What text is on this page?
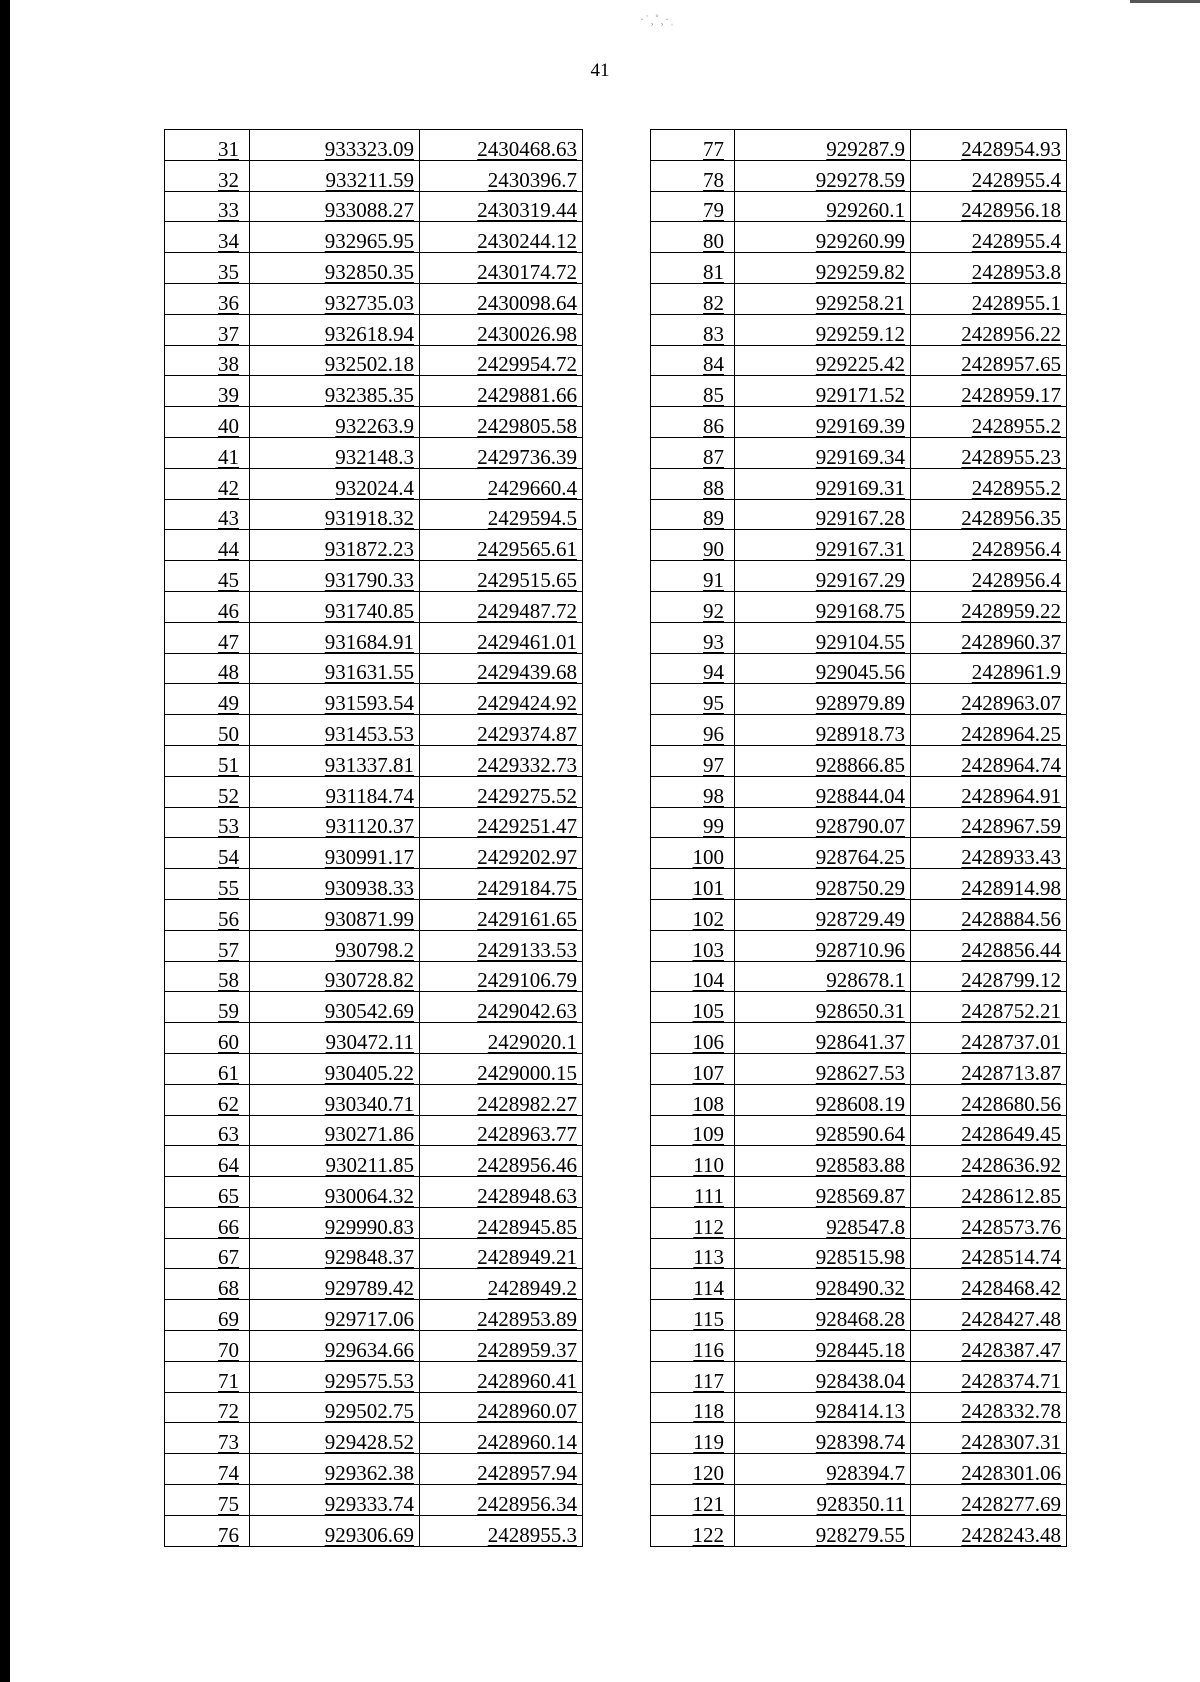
·˙¸˚¸·ˌ
41
31	933323.09	2430468.63
32	933211.59	2430396.7
33	933088.27	2430319.44
34	932965.95	2430244.12
35	932850.35	2430174.72
36	932735.03	2430098.64
37	932618.94	2430026.98
38	932502.18	2429954.72
39	932385.35	2429881.66
40	932263.9	2429805.58
41	932148.3	2429736.39
42	932024.4	2429660.4
43	931918.32	2429594.5
44	931872.23	2429565.61
45	931790.33	2429515.65
46	931740.85	2429487.72
47	931684.91	2429461.01
48	931631.55	2429439.68
49	931593.54	2429424.92
50	931453.53	2429374.87
51	931337.81	2429332.73
52	931184.74	2429275.52
53	931120.37	2429251.47
54	930991.17	2429202.97
55	930938.33	2429184.75
56	930871.99	2429161.65
57	930798.2	2429133.53
58	930728.82	2429106.79
59	930542.69	2429042.63
60	930472.11	2429020.1
61	930405.22	2429000.15
62	930340.71	2428982.27
63	930271.86	2428963.77
64	930211.85	2428956.46
65	930064.32	2428948.63
66	929990.83	2428945.85
67	929848.37	2428949.21
68	929789.42	2428949.2
69	929717.06	2428953.89
70	929634.66	2428959.37
71	929575.53	2428960.41
72	929502.75	2428960.07
73	929428.52	2428960.14
74	929362.38	2428957.94
75	929333.74	2428956.34
76	929306.69	2428955.3
77	929287.9	2428954.93
78	929278.59	2428955.4
79	929260.1	2428956.18
80	929260.99	2428955.4
81	929259.82	2428953.8
82	929258.21	2428955.1
83	929259.12	2428956.22
84	929225.42	2428957.65
85	929171.52	2428959.17
86	929169.39	2428955.2
87	929169.34	2428955.23
88	929169.31	2428955.2
89	929167.28	2428956.35
90	929167.31	2428956.4
91	929167.29	2428956.4
92	929168.75	2428959.22
93	929104.55	2428960.37
94	929045.56	2428961.9
95	928979.89	2428963.07
96	928918.73	2428964.25
97	928866.85	2428964.74
98	928844.04	2428964.91
99	928790.07	2428967.59
100	928764.25	2428933.43
101	928750.29	2428914.98
102	928729.49	2428884.56
103	928710.96	2428856.44
104	928678.1	2428799.12
105	928650.31	2428752.21
106	928641.37	2428737.01
107	928627.53	2428713.87
108	928608.19	2428680.56
109	928590.64	2428649.45
110	928583.88	2428636.92
111	928569.87	2428612.85
112	928547.8	2428573.76
113	928515.98	2428514.74
114	928490.32	2428468.42
115	928468.28	2428427.48
116	928445.18	2428387.47
117	928438.04	2428374.71
118	928414.13	2428332.78
119	928398.74	2428307.31
120	928394.7	2428301.06
121	928350.11	2428277.69
122	928279.55	2428243.48
